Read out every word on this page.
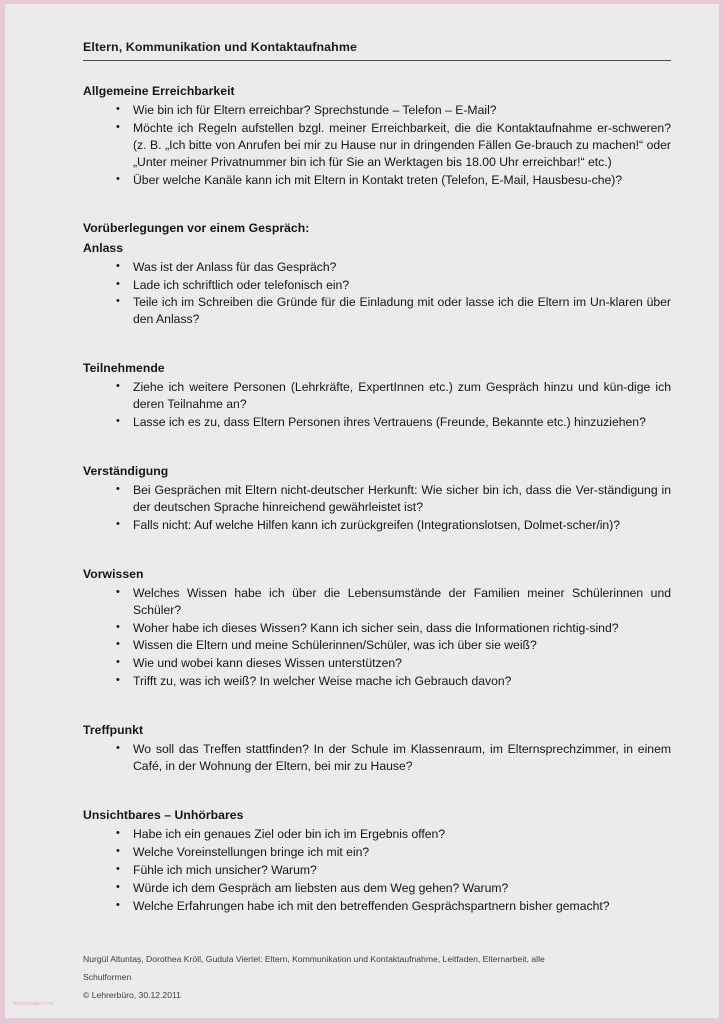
Eltern, Kommunikation und Kontaktaufnahme
Allgemeine Erreichbarkeit
• Wie bin ich für Eltern erreichbar? Sprechstunde – Telefon – E-Mail?
• Möchte ich Regeln aufstellen bzgl. meiner Erreichbarkeit, die die Kontaktaufnahme er-schweren? (z. B. „Ich bitte von Anrufen bei mir zu Hause nur in dringenden Fällen Ge-brauch zu machen!“ oder „Unter meiner Privatnummer bin ich für Sie an Werktagen bis 18.00 Uhr erreichbar!“ etc.)
• Über welche Kanäle kann ich mit Eltern in Kontakt treten (Telefon, E-Mail, Hausbesu-che)?
Vorüberlegungen vor einem Gespräch:
Anlass
• Was ist der Anlass für das Gespräch?
• Lade ich schriftlich oder telefonisch ein?
• Teile ich im Schreiben die Gründe für die Einladung mit oder lasse ich die Eltern im Un-klaren über den Anlass?
Teilnehmende
• Ziehe ich weitere Personen (Lehrkräfte, ExpertInnen etc.) zum Gespräch hinzu und kün-dige ich deren Teilnahme an?
• Lasse ich es zu, dass Eltern Personen ihres Vertrauens (Freunde, Bekannte etc.) hinzuziehen?
Verständigung
• Bei Gesprächen mit Eltern nicht-deutscher Herkunft: Wie sicher bin ich, dass die Ver-ständigung in der deutschen Sprache hinreichend gewährleistet ist?
• Falls nicht: Auf welche Hilfen kann ich zurückgreifen (Integrationslotsen, Dolmet-scher/in)?
Vorwissen
• Welches Wissen habe ich über die Lebensumstände der Familien meiner Schülerinnen und Schüler?
• Woher habe ich dieses Wissen? Kann ich sicher sein, dass die Informationen richtig-sind?
• Wissen die Eltern und meine Schülerinnen/Schüler, was ich über sie weiß?
• Wie und wobei kann dieses Wissen unterstützen?
• Trifft zu, was ich weiß? In welcher Weise mache ich Gebrauch davon?
Treffpunkt
• Wo soll das Treffen stattfinden? In der Schule im Klassenraum, im Elternsprechzimmer, in einem Café, in der Wohnung der Eltern, bei mir zu Hause?
Unsichtbares – Unhörbares
• Habe ich ein genaues Ziel oder bin ich im Ergebnis offen?
• Welche Voreinstellungen bringe ich mit ein?
• Fühle ich mich unsicher? Warum?
• Würde ich dem Gespräch am liebsten aus dem Weg gehen? Warum?
• Welche Erfahrungen habe ich mit den betreffenden Gesprächspartnern bisher gemacht?

Nurgül Altuntaş, Dorothea Kröll, Gudula Viertel: Eltern, Kommunikation und Kontaktaufnahme, Leitfaden, Elternarbeit, alle

Schulformen

© Lehrerbüro, 30.12.2011

lernvorlage.com
